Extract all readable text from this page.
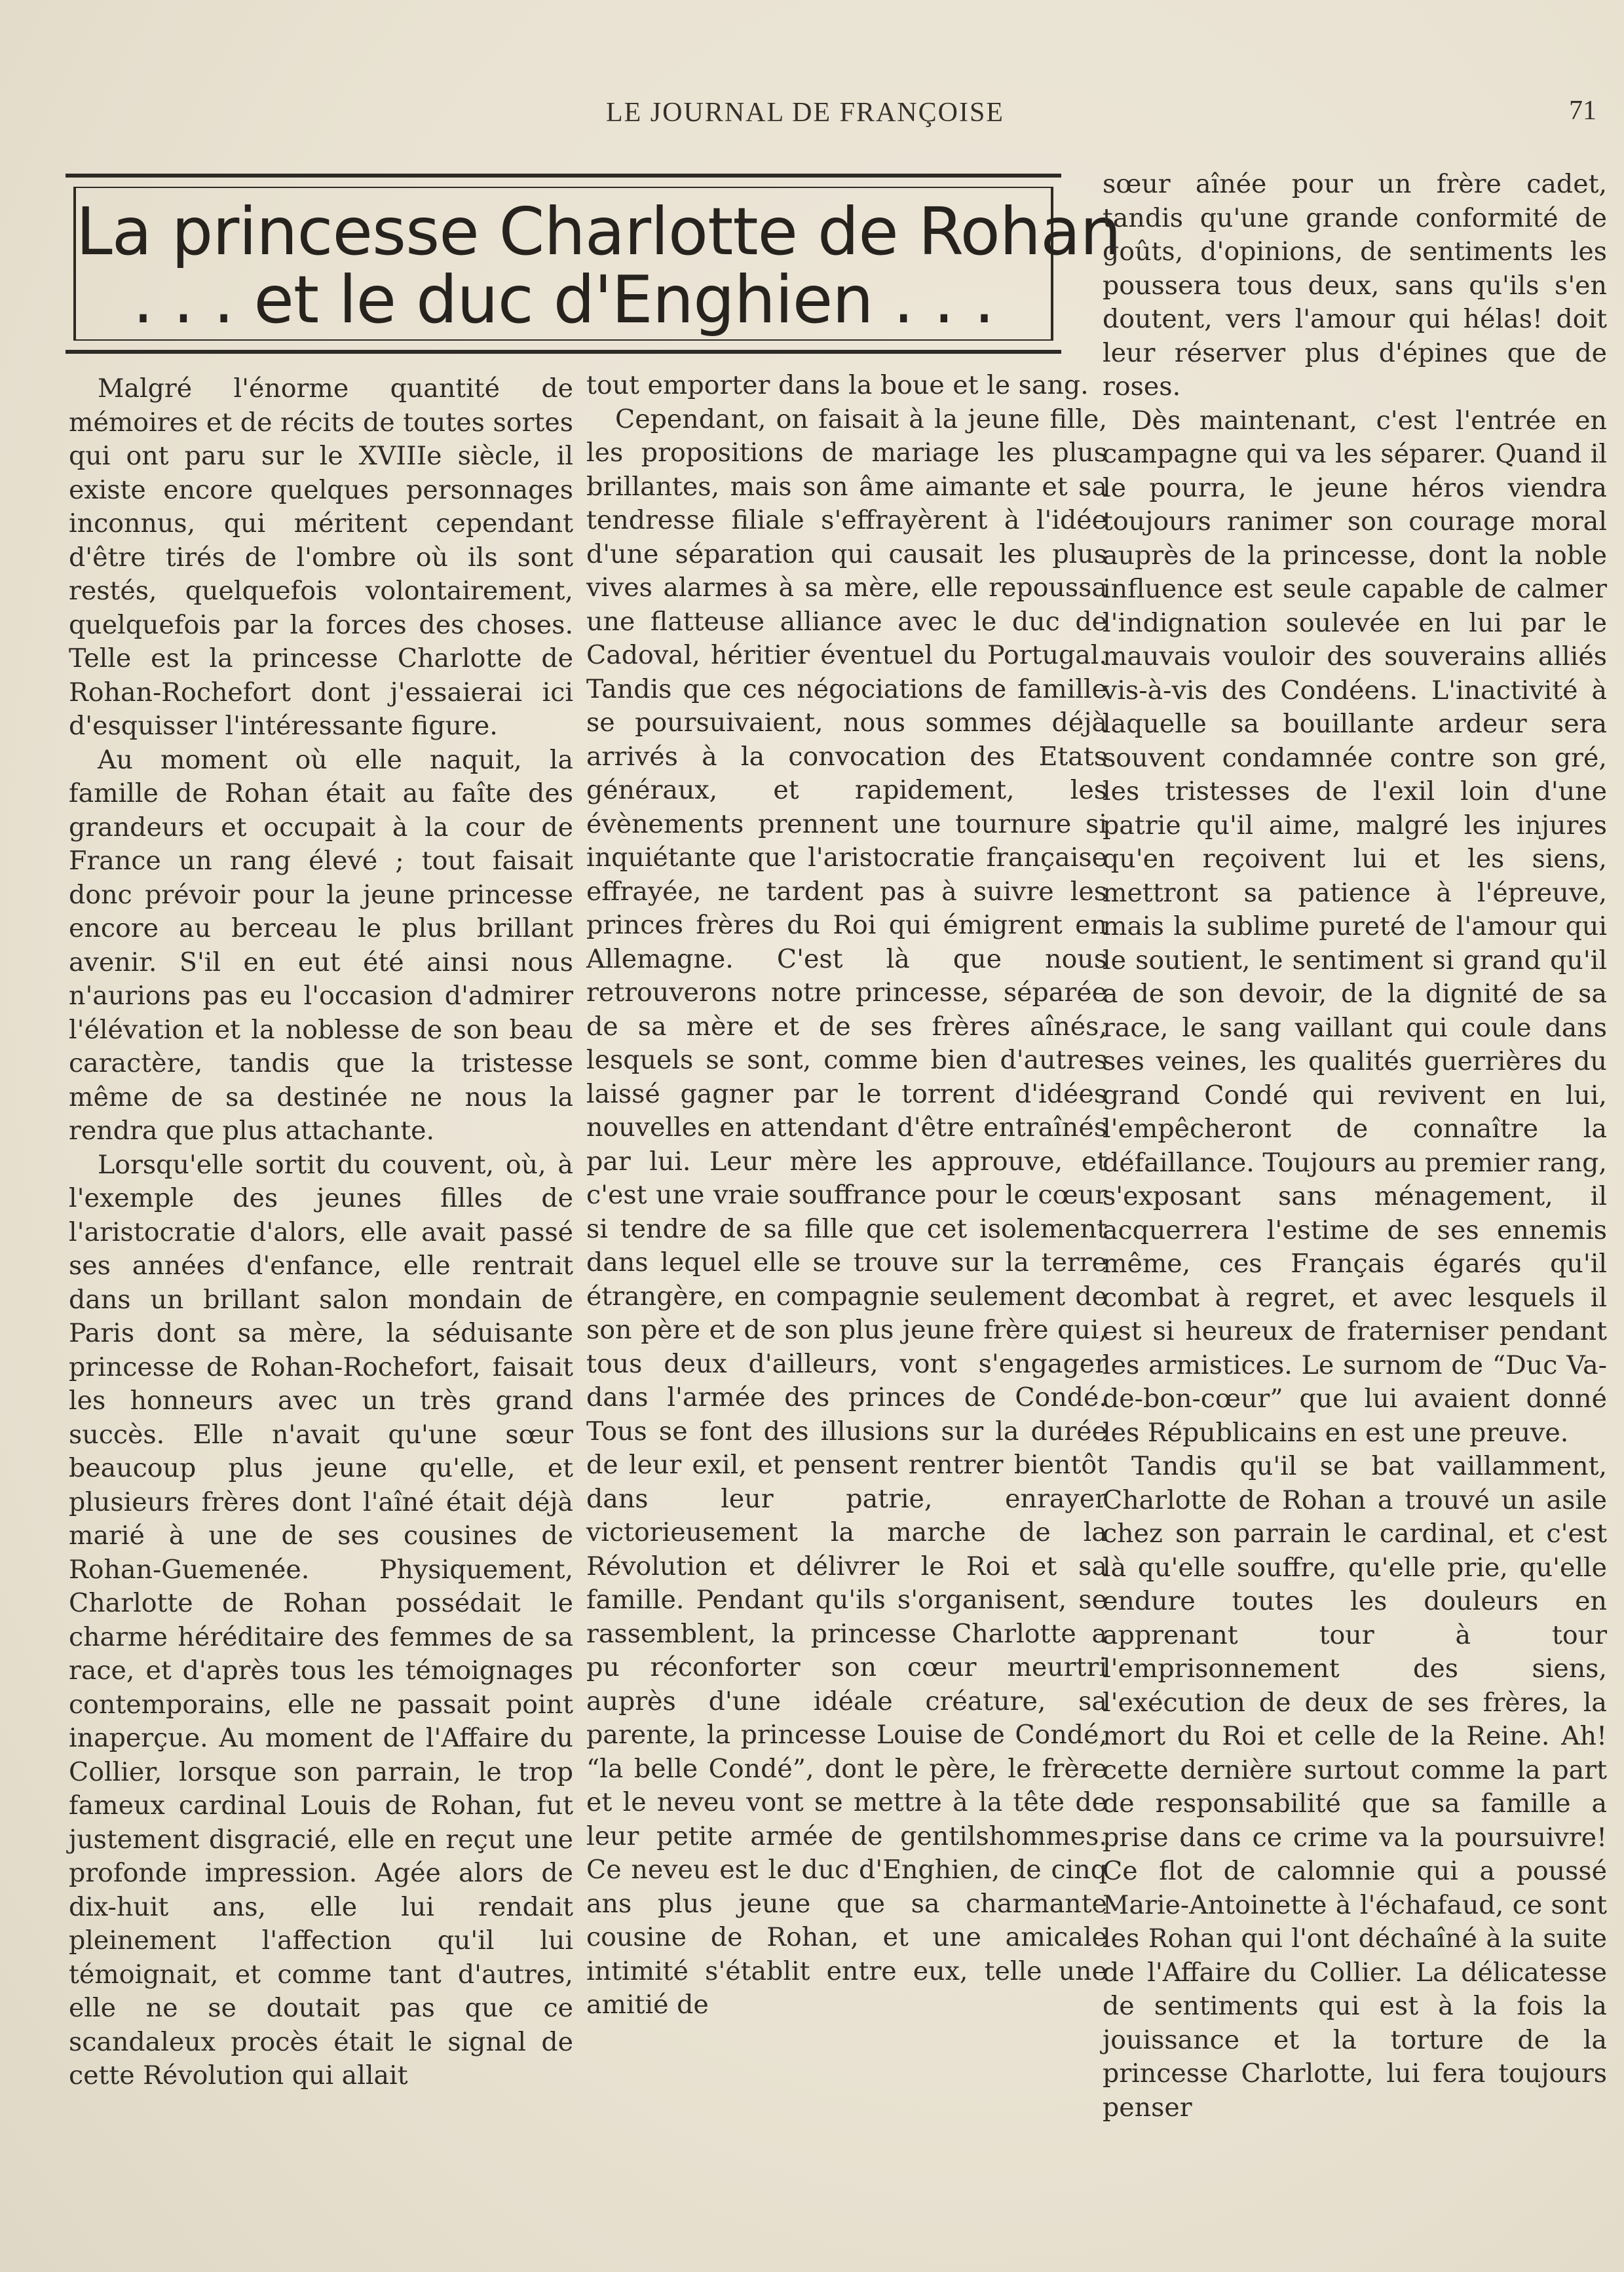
LE JOURNAL DE FRANÇOISE	71
La princesse Charlotte de Rohan
. . . et le duc d'Enghien . . .

Malgré l'énorme quantité de mémoires et de récits de toutes sortes qui ont paru sur le XVIIIe siècle, il existe encore quelques personnages inconnus, qui méritent cependant d'être tirés de l'ombre où ils sont restés, quelquefois volontairement, quelquefois par la forces des choses. Telle est la princesse Charlotte de Rohan-Rochefort dont j'essaierai ici d'esquisser l'intéressante figure.

Au moment où elle naquit, la famille de Rohan était au faîte des grandeurs et occupait à la cour de France un rang élevé ; tout faisait donc prévoir pour la jeune princesse encore au berceau le plus brillant avenir. S'il en eut été ainsi nous n'aurions pas eu l'occasion d'admirer l'élévation et la noblesse de son beau caractère, tandis que la tristesse même de sa destinée ne nous la rendra que plus attachante.

Lorsqu'elle sortit du couvent, où, à l'exemple des jeunes filles de l'aristocratie d'alors, elle avait passé ses années d'enfance, elle rentrait dans un brillant salon mondain de Paris dont sa mère, la séduisante princesse de Rohan-Rochefort, faisait les honneurs avec un très grand succès. Elle n'avait qu'une sœur beaucoup plus jeune qu'elle, et plusieurs frères dont l'aîné était déjà marié à une de ses cousines de Rohan-Guemenée. Physiquement, Charlotte de Rohan possédait le charme héréditaire des femmes de sa race, et d'après tous les témoignages contemporains, elle ne passait point inaperçue. Au moment de l'Affaire du Collier, lorsque son parrain, le trop fameux cardinal Louis de Rohan, fut justement disgracié, elle en reçut une profonde impression. Agée alors de dix-huit ans, elle lui rendait pleinement l'affection qu'il lui témoignait, et comme tant d'autres, elle ne se doutait pas que ce scandaleux procès était le signal de cette Révolution qui allait

tout emporter dans la boue et le sang.

Cependant, on faisait à la jeune fille, les propositions de mariage les plus brillantes, mais son âme aimante et sa tendresse filiale s'effrayèrent à l'idée d'une séparation qui causait les plus vives alarmes à sa mère, elle repoussa une flatteuse alliance avec le duc de Cadoval, héritier éventuel du Portugal. Tandis que ces négociations de famille se poursuivaient, nous sommes déjà arrivés à la convocation des Etats généraux, et rapidement, les évènements prennent une tournure si inquiétante que l'aristocratie française effrayée, ne tardent pas à suivre les princes frères du Roi qui émigrent en Allemagne. C'est là que nous retrouverons notre princesse, séparée de sa mère et de ses frères aînés, lesquels se sont, comme bien d'autres laissé gagner par le torrent d'idées nouvelles en attendant d'être entraînés par lui. Leur mère les approuve, et c'est une vraie souffrance pour le cœur si tendre de sa fille que cet isolement dans lequel elle se trouve sur la terre étrangère, en compagnie seulement de son père et de son plus jeune frère qui, tous deux d'ailleurs, vont s'engager dans l'armée des princes de Condé. Tous se font des illusions sur la durée de leur exil, et pensent rentrer bientôt dans leur patrie, enrayer victorieusement la marche de la Révolution et délivrer le Roi et sa famille. Pendant qu'ils s'organisent, se rassemblent, la princesse Charlotte a pu réconforter son cœur meurtri auprès d'une idéale créature, sa parente, la princesse Louise de Condé, “la belle Condé”, dont le père, le frère et le neveu vont se mettre à la tête de leur petite armée de gentilshommes. Ce neveu est le duc d'Enghien, de cinq ans plus jeune que sa charmante cousine de Rohan, et une amicale intimité s'établit entre eux, telle une amitié de

sœur aînée pour un frère cadet, tandis qu'une grande conformité de goûts, d'opinions, de sentiments les poussera tous deux, sans qu'ils s'en doutent, vers l'amour qui hélas! doit leur réserver plus d'épines que de roses.

Dès maintenant, c'est l'entrée en campagne qui va les séparer. Quand il le pourra, le jeune héros viendra toujours ranimer son courage moral auprès de la princesse, dont la noble influence est seule capable de calmer l'indignation soulevée en lui par le mauvais vouloir des souverains alliés vis-à-vis des Condéens. L'inactivité à laquelle sa bouillante ardeur sera souvent condamnée contre son gré, les tristesses de l'exil loin d'une patrie qu'il aime, malgré les injures qu'en reçoivent lui et les siens, mettront sa patience à l'épreuve, mais la sublime pureté de l'amour qui le soutient, le sentiment si grand qu'il a de son devoir, de la dignité de sa race, le sang vaillant qui coule dans ses veines, les qualités guerrières du grand Condé qui revivent en lui, l'empêcheront de connaître la défaillance. Toujours au premier rang, s'exposant sans ménagement, il acquerrera l'estime de ses ennemis même, ces Français égarés qu'il combat à regret, et avec lesquels il est si heureux de fraterniser pendant les armistices. Le surnom de “Duc Va-de-bon-cœur” que lui avaient donné les Républicains en est une preuve.

Tandis qu'il se bat vaillamment, Charlotte de Rohan a trouvé un asile chez son parrain le cardinal, et c'est là qu'elle souffre, qu'elle prie, qu'elle endure toutes les douleurs en apprenant tour à tour l'emprisonnement des siens, l'exécution de deux de ses frères, la mort du Roi et celle de la Reine. Ah! cette dernière surtout comme la part de responsabilité que sa famille a prise dans ce crime va la poursuivre! Ce flot de calomnie qui a poussé Marie-Antoinette à l'échafaud, ce sont les Rohan qui l'ont déchaîné à la suite de l'Affaire du Collier. La délicatesse de sentiments qui est à la fois la jouissance et la torture de la princesse Charlotte, lui fera toujours penser
